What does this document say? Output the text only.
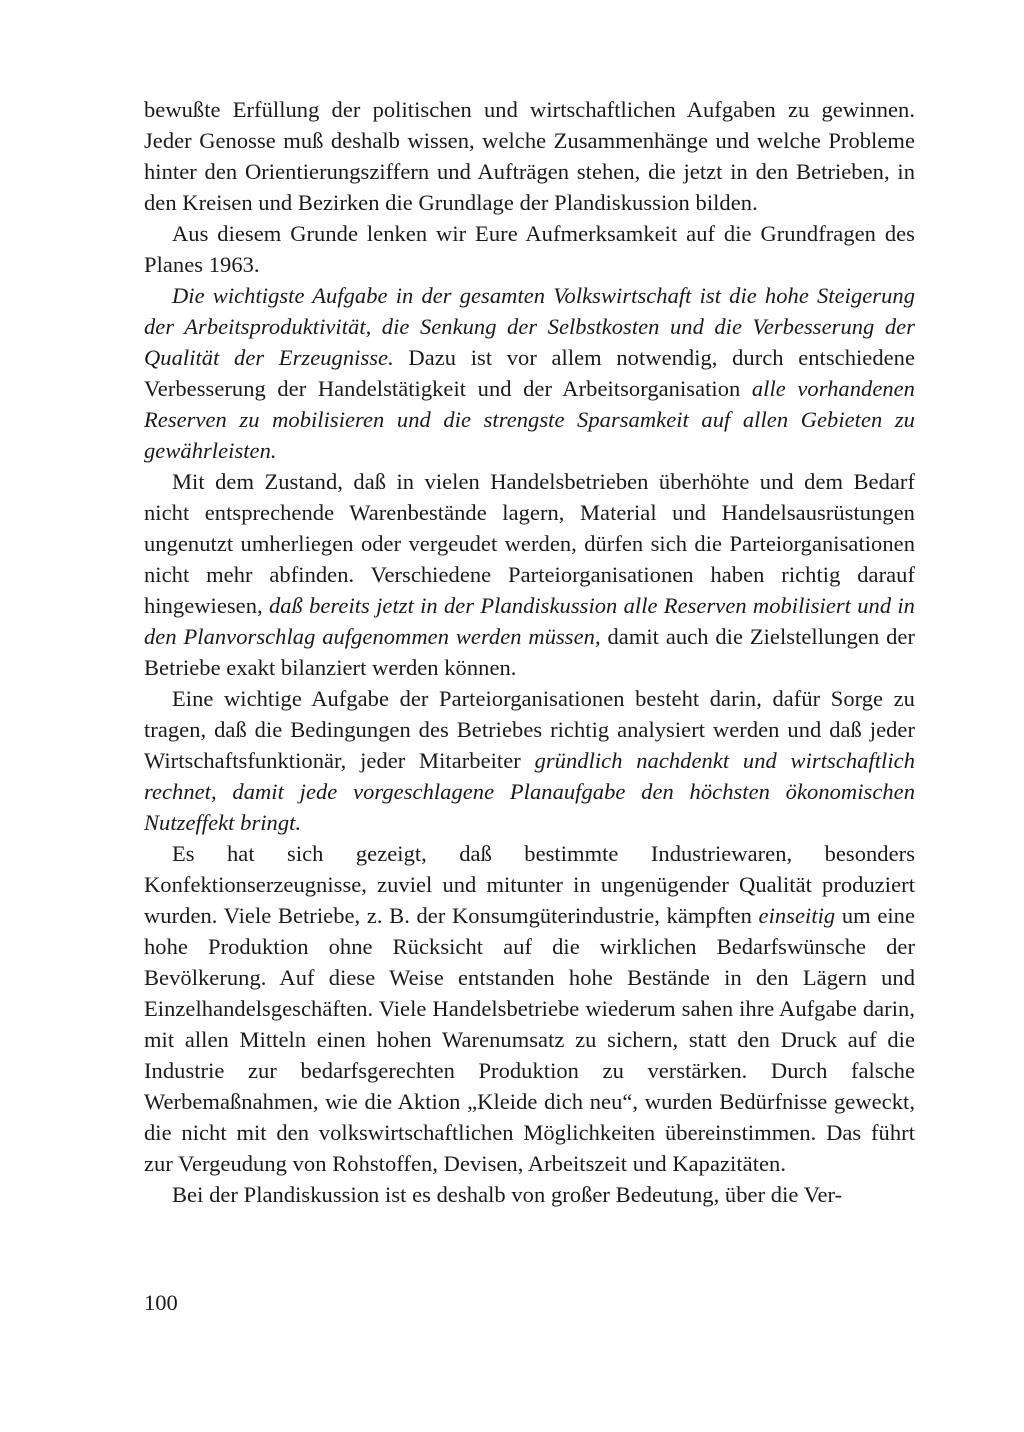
bewußte Erfüllung der politischen und wirtschaftlichen Aufgaben zu gewinnen. Jeder Genosse muß deshalb wissen, welche Zusammenhänge und welche Probleme hinter den Orientierungsziffern und Aufträgen stehen, die jetzt in den Betrieben, in den Kreisen und Bezirken die Grundlage der Plandiskussion bilden.

Aus diesem Grunde lenken wir Eure Aufmerksamkeit auf die Grundfragen des Planes 1963.

Die wichtigste Aufgabe in der gesamten Volkswirtschaft ist die hohe Steigerung der Arbeitsproduktivität, die Senkung der Selbstkosten und die Verbesserung der Qualität der Erzeugnisse. Dazu ist vor allem notwendig, durch entschiedene Verbesserung der Handelstätigkeit und der Arbeitsorganisation alle vorhandenen Reserven zu mobilisieren und die strengste Sparsamkeit auf allen Gebieten zu gewährleisten.

Mit dem Zustand, daß in vielen Handelsbetrieben überhöhte und dem Bedarf nicht entsprechende Warenbestände lagern, Material und Handelsausrüstungen ungenutzt umherliegen oder vergeudet werden, dürfen sich die Parteiorganisationen nicht mehr abfinden. Verschiedene Parteiorganisationen haben richtig darauf hingewiesen, daß bereits jetzt in der Plandiskussion alle Reserven mobilisiert und in den Planvorschlag aufgenommen werden müssen, damit auch die Zielstellungen der Betriebe exakt bilanziert werden können.

Eine wichtige Aufgabe der Parteiorganisationen besteht darin, dafür Sorge zu tragen, daß die Bedingungen des Betriebes richtig analysiert werden und daß jeder Wirtschaftsfunktionär, jeder Mitarbeiter gründlich nachdenkt und wirtschaftlich rechnet, damit jede vorgeschlagene Planaufgabe den höchsten ökonomischen Nutzeffekt bringt.

Es hat sich gezeigt, daß bestimmte Industriewaren, besonders Konfektionserzeugnisse, zuviel und mitunter in ungenügender Qualität produziert wurden. Viele Betriebe, z. B. der Konsumgüterindustrie, kämpften einseitig um eine hohe Produktion ohne Rücksicht auf die wirklichen Bedarfswünsche der Bevölkerung. Auf diese Weise entstanden hohe Bestände in den Lägern und Einzelhandelsgeschäften. Viele Handelsbetriebe wiederum sahen ihre Aufgabe darin, mit allen Mitteln einen hohen Warenumsatz zu sichern, statt den Druck auf die Industrie zur bedarfsgerechten Produktion zu verstärken. Durch falsche Werbemaßnahmen, wie die Aktion „Kleide dich neu“, wurden Bedürfnisse geweckt, die nicht mit den volkswirtschaftlichen Möglichkeiten übereinstimmen. Das führt zur Vergeudung von Rohstoffen, Devisen, Arbeitszeit und Kapazitäten.

Bei der Plandiskussion ist es deshalb von großer Bedeutung, über die Ver-

100
